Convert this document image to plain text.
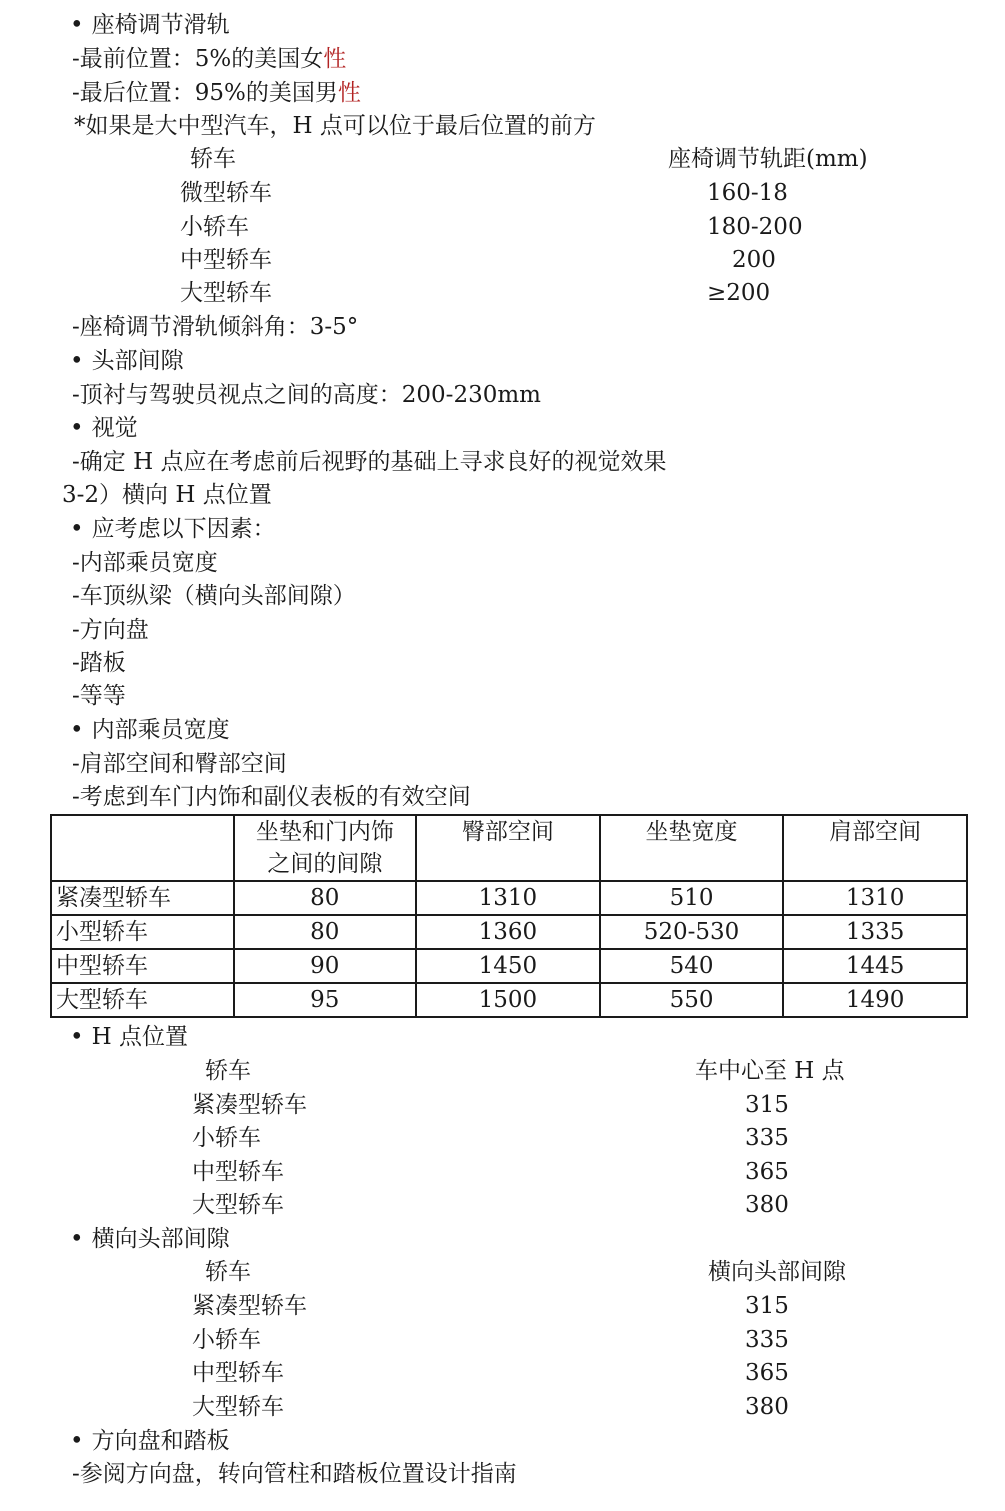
• 座椅调节滑轨
-最前位置：5%的美国女性
-最后位置：95%的美国男性
*如果是大中型汽车，H 点可以位于最后位置的前方
轿车	座椅调节轨距(mm)
微型轿车	160-18
小轿车	180-200
中型轿车	200
大型轿车	≥200
-座椅调节滑轨倾斜角：3-5°
• 头部间隙
-顶衬与驾驶员视点之间的高度：200-230mm
• 视觉
-确定 H 点应在考虑前后视野的基础上寻求良好的视觉效果
3-2）横向 H 点位置
• 应考虑以下因素：
-内部乘员宽度
-车顶纵梁（横向头部间隙）
-方向盘
-踏板
-等等
• 内部乘员宽度
-肩部空间和臀部空间
-考虑到车门内饰和副仪表板的有效空间

	坐垫和门内饰
之间的间隙	臀部空间	坐垫宽度	肩部空间
紧凑型轿车	80	1310	510	1310
小型轿车	80	1360	520-530	1335
中型轿车	90	1450	540	1445
大型轿车	95	1500	550	1490
• H 点位置
轿车	车中心至 H 点
紧凑型轿车	315
小轿车	335
中型轿车	365
大型轿车	380
• 横向头部间隙
轿车	横向头部间隙
紧凑型轿车	315
小轿车	335
中型轿车	365
大型轿车	380
• 方向盘和踏板
-参阅方向盘，转向管柱和踏板位置设计指南
